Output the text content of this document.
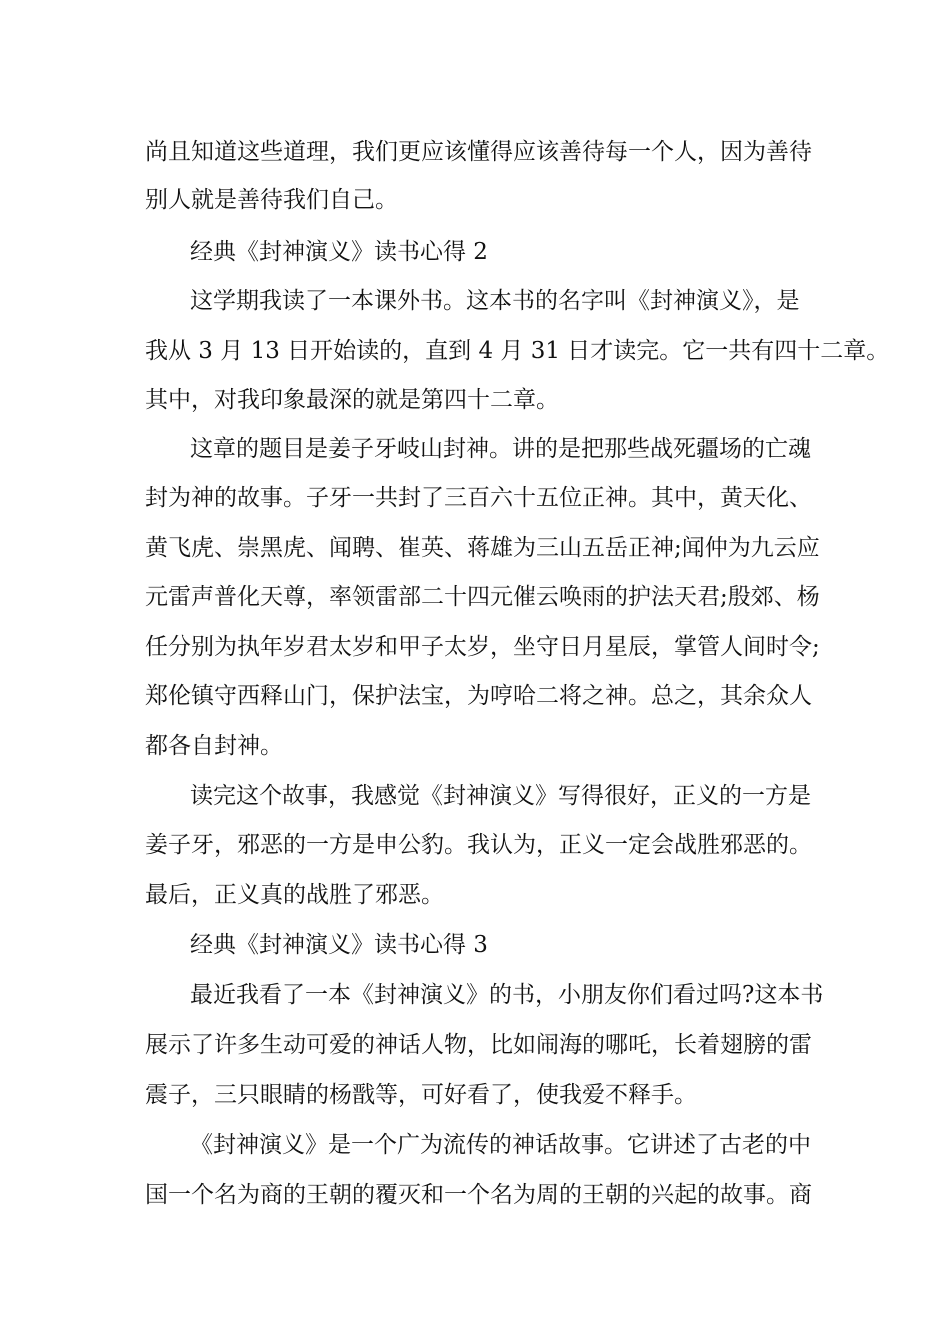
尚且知道这些道理，我们更应该懂得应该善待每一个人，因为善待

别人就是善待我们自己。

经典《封神演义》读书心得 2

这学期我读了一本课外书。这本书的名字叫《封神演义》，是

我从 3 月 13 日开始读的，直到 4 月 31 日才读完。它一共有四十二章。

其中，对我印象最深的就是第四十二章。

这章的题目是姜子牙岐山封神。讲的是把那些战死疆场的亡魂

封为神的故事。子牙一共封了三百六十五位正神。其中，黄天化、

黄飞虎、崇黑虎、闻聘、崔英、蒋雄为三山五岳正神;闻仲为九云应

元雷声普化天尊，率领雷部二十四元催云唤雨的护法天君;殷郊、杨

任分别为执年岁君太岁和甲子太岁，坐守日月星辰，掌管人间时令;

郑伦镇守西释山门，保护法宝，为哼哈二将之神。总之，其余众人

都各自封神。

读完这个故事，我感觉《封神演义》写得很好，正义的一方是

姜子牙，邪恶的一方是申公豹。我认为，正义一定会战胜邪恶的。

最后，正义真的战胜了邪恶。

经典《封神演义》读书心得 3

最近我看了一本《封神演义》的书，小朋友你们看过吗?这本书

展示了许多生动可爱的神话人物，比如闹海的哪吒，长着翅膀的雷

震子，三只眼睛的杨戬等，可好看了，使我爱不释手。

《封神演义》是一个广为流传的神话故事。它讲述了古老的中

国一个名为商的王朝的覆灭和一个名为周的王朝的兴起的故事。商
